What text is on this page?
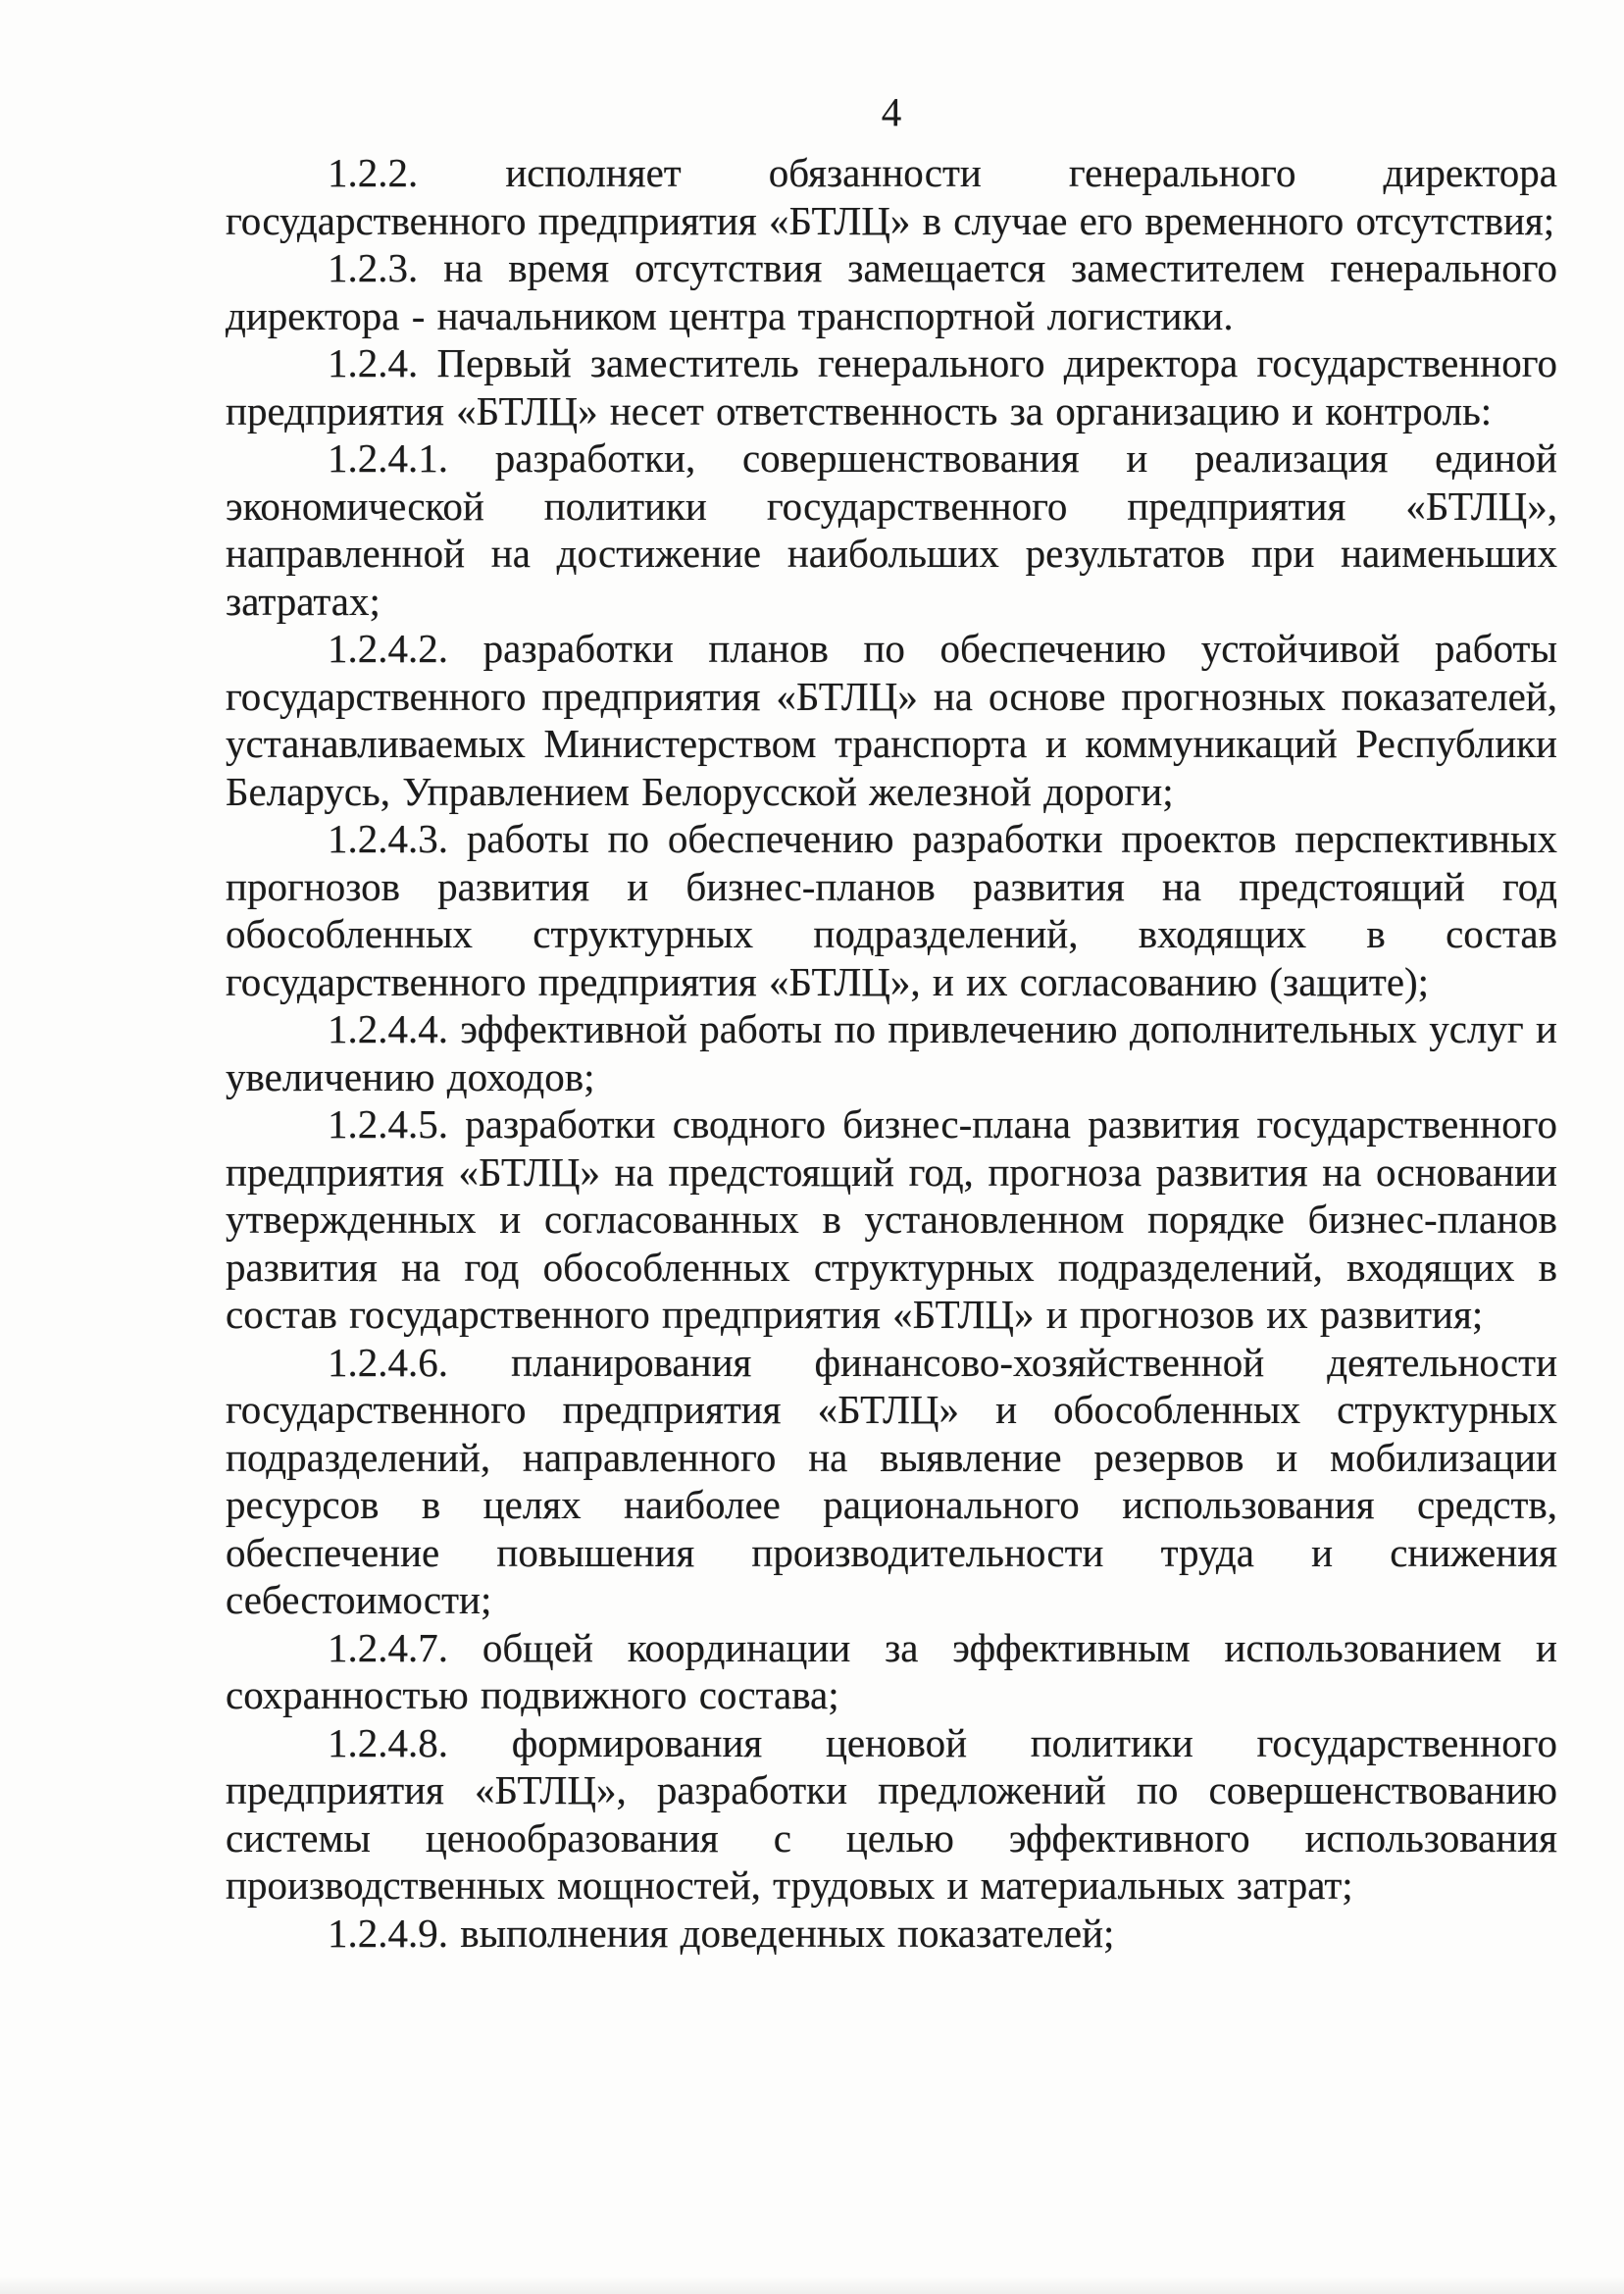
4

1.2.2. исполняет обязанности генерального директора государственного предприятия «БТЛЦ» в случае его временного отсутствия;

1.2.3. на время отсутствия замещается заместителем генерального директора - начальником центра транспортной логистики.

1.2.4. Первый заместитель генерального директора государственного предприятия «БТЛЦ» несет ответственность за организацию и контроль:

1.2.4.1. разработки, совершенствования и реализация единой экономической политики государственного предприятия «БТЛЦ», направленной на достижение наибольших результатов при наименьших затратах;

1.2.4.2. разработки планов по обеспечению устойчивой работы государственного предприятия «БТЛЦ» на основе прогнозных показателей, устанавливаемых Министерством транспорта и коммуникаций Республики Беларусь, Управлением Белорусской железной дороги;

1.2.4.3. работы по обеспечению разработки проектов перспективных прогнозов развития и бизнес-планов развития на предстоящий год обособленных структурных подразделений, входящих в состав государственного предприятия «БТЛЦ», и их согласованию (защите);

1.2.4.4. эффективной работы по привлечению дополнительных услуг и увеличению доходов;

1.2.4.5. разработки сводного бизнес-плана развития государственного предприятия «БТЛЦ» на предстоящий год, прогноза развития на основании утвержденных и согласованных в установленном порядке бизнес-планов развития на год обособленных структурных подразделений, входящих в состав государственного предприятия «БТЛЦ» и прогнозов их развития;

1.2.4.6. планирования финансово-хозяйственной деятельности государственного предприятия «БТЛЦ» и обособленных структурных подразделений, направленного на выявление резервов и мобилизации ресурсов в целях наиболее рационального использования средств, обеспечение повышения производительности труда и снижения себестоимости;

1.2.4.7. общей координации за эффективным использованием и сохранностью подвижного состава;

1.2.4.8. формирования ценовой политики государственного предприятия «БТЛЦ», разработки предложений по совершенствованию системы ценообразования с целью эффективного использования производственных мощностей, трудовых и материальных затрат;

1.2.4.9. выполнения доведенных показателей;
